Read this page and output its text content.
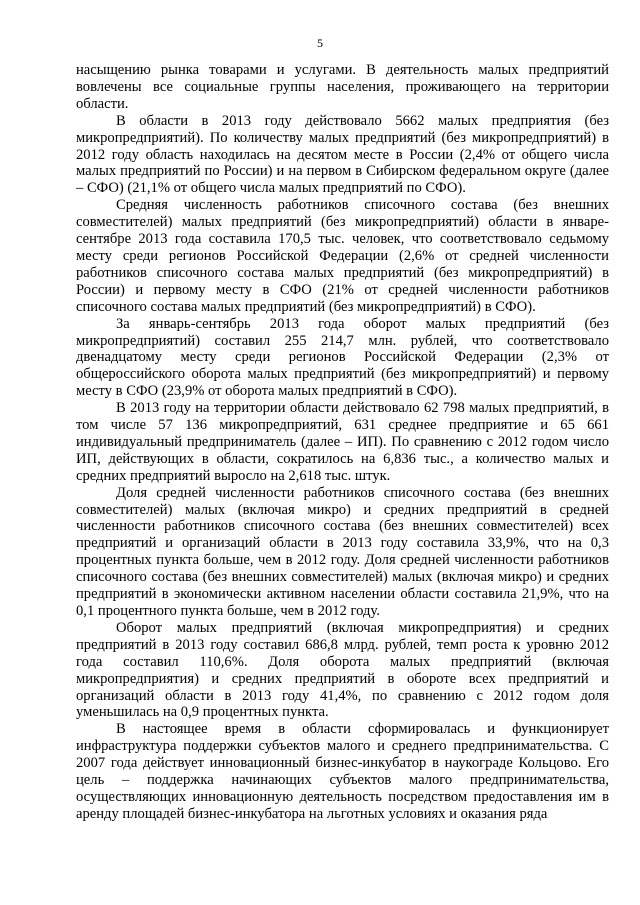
5

насыщению рынка товарами и услугами. В деятельность малых предприятий вовлечены все социальные группы населения, проживающего на территории области.

В области в 2013 году действовало 5662 малых предприятия (без микропредприятий). По количеству малых предприятий (без микропредприятий) в 2012 году область находилась на десятом месте в России (2,4% от общего числа малых предприятий по России) и на первом в Сибирском федеральном округе (далее – СФО) (21,1% от общего числа малых предприятий по СФО).

Средняя численность работников списочного состава (без внешних совместителей) малых предприятий (без микропредприятий) области в январе-сентябре 2013 года составила 170,5 тыс. человек, что соответствовало седьмому месту среди регионов Российской Федерации (2,6% от средней численности работников списочного состава малых предприятий (без микропредприятий) в России) и первому месту в СФО (21% от средней численности работников списочного состава малых предприятий (без микропредприятий) в СФО).

За январь-сентябрь 2013 года оборот малых предприятий (без микропредприятий) составил 255 214,7 млн. рублей, что соответствовало двенадцатому месту среди регионов Российской Федерации (2,3% от общероссийского оборота малых предприятий (без микропредприятий) и первому месту в СФО (23,9% от оборота малых предприятий в СФО).

В 2013 году на территории области действовало 62 798 малых предприятий, в том числе 57 136 микропредприятий, 631 среднее предприятие и 65 661 индивидуальный предприниматель (далее – ИП). По сравнению с 2012 годом число ИП, действующих в области, сократилось на 6,836 тыс., а количество малых и средних предприятий выросло на 2,618 тыс. штук.

Доля средней численности работников списочного состава (без внешних совместителей) малых (включая микро) и средних предприятий в средней численности работников списочного состава (без внешних совместителей) всех предприятий и организаций области в 2013 году составила 33,9%, что на 0,3 процентных пункта больше, чем в 2012 году. Доля средней численности работников списочного состава (без внешних совместителей) малых (включая микро) и средних предприятий в экономически активном населении области составила 21,9%, что на 0,1 процентного пункта больше, чем в 2012 году.

Оборот малых предприятий (включая микропредприятия) и средних предприятий в 2013 году составил 686,8 млрд. рублей, темп роста к уровню 2012 года составил 110,6%. Доля оборота малых предприятий (включая микропредприятия) и средних предприятий в обороте всех предприятий и организаций области в 2013 году 41,4%, по сравнению с 2012 годом доля уменьшилась на 0,9 процентных пункта.

В настоящее время в области сформировалась и функционирует инфраструктура поддержки субъектов малого и среднего предпринимательства. С 2007 года действует инновационный бизнес-инкубатор в наукограде Кольцово. Его цель – поддержка начинающих субъектов малого предпринимательства, осуществляющих инновационную деятельность посредством предоставления им в аренду площадей бизнес-инкубатора на льготных условиях и оказания ряда
